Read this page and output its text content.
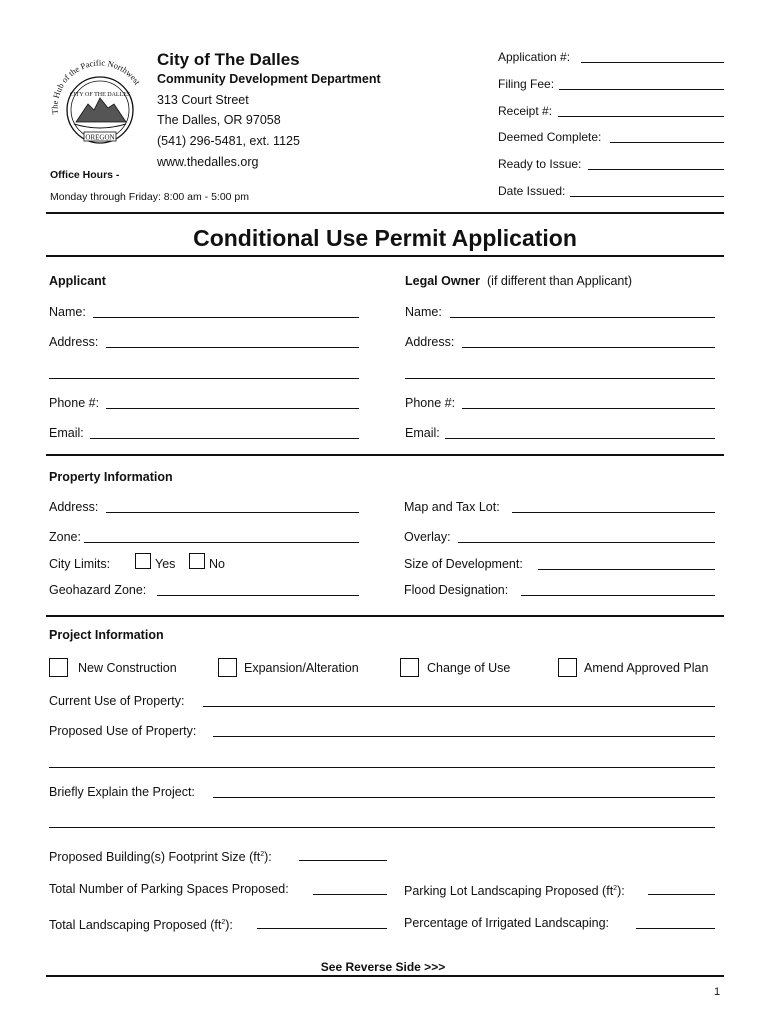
The Hub of the Pacific Northwest
CITY OF THE DALLES
OREGON
City of The Dalles
Community Development Department
313 Court Street
The Dalles, OR 97058
(541) 296-5481, ext. 1125
www.thedalles.org
Office Hours -
Monday through Friday: 8:00 am - 5:00 pm
Application #:
Filing Fee:
Receipt #:
Deemed Complete:
Ready to Issue:
Date Issued:
Conditional Use Permit Application
Applicant	Legal Owner (if different than Applicant)
Name:	Name:
Address:	Address:
Phone #:	Phone #:
Email:	Email:
Property Information
Address:	Map and Tax Lot:
Zone:	Overlay:
City Limits:	Yes	No	Size of Development:
Geohazard Zone:	Flood Designation:
Project Information
New Construction	Expansion/Alteration	Change of Use	Amend Approved Plan
Current Use of Property:
Proposed Use of Property:
Briefly Explain the Project:
Proposed Building(s) Footprint Size $(ft^2)$:
Total Number of Parking Spaces Proposed:	Parking Lot Landscaping Proposed $(ft^2)$:
Total Landscaping Proposed $(ft^2)$:	Percentage of Irrigated Landscaping:
See Reverse Side >>>
1
